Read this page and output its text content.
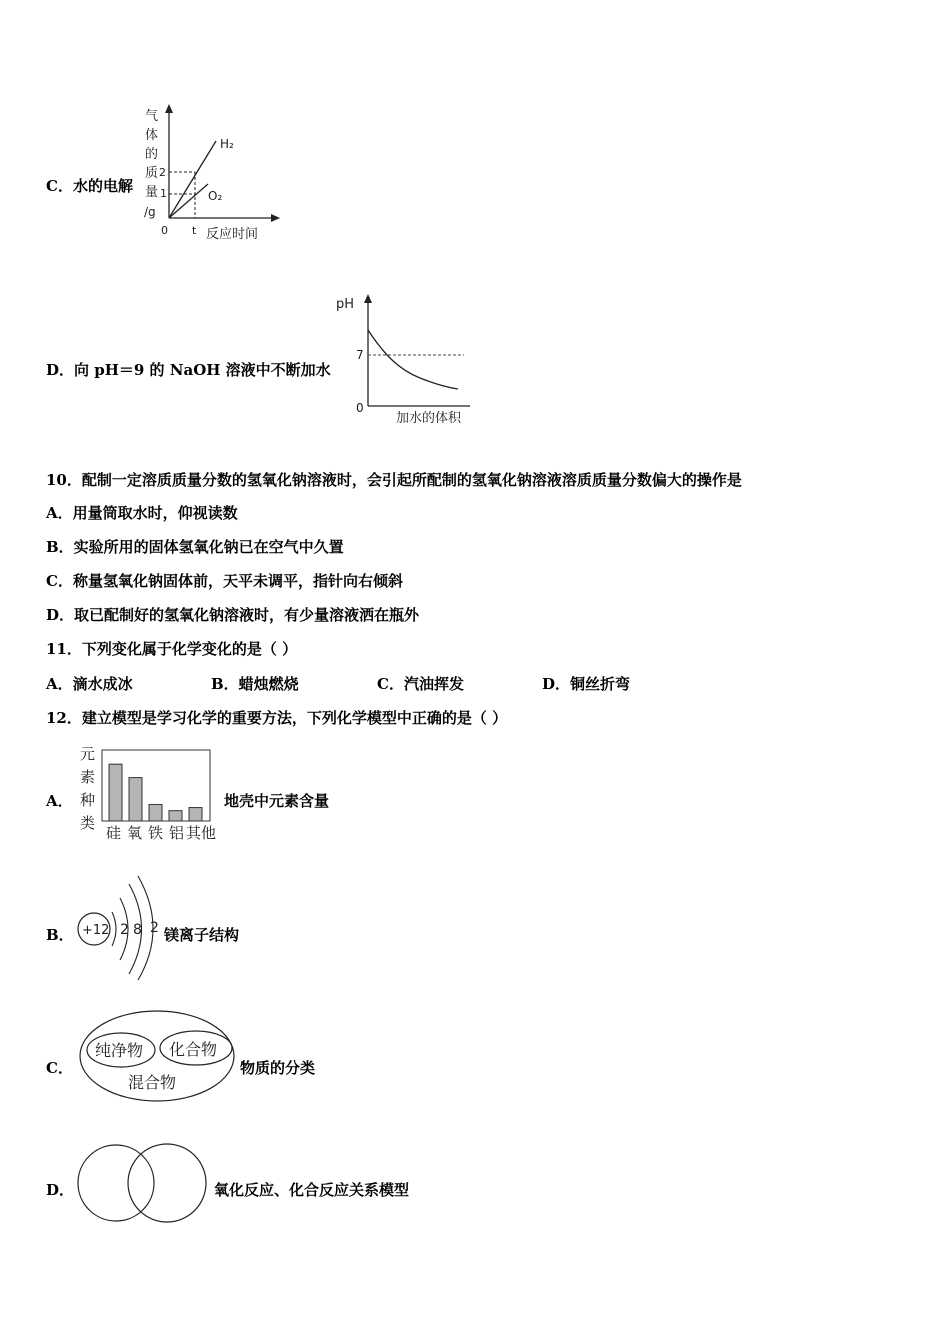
C．水的电解
气
体
的
质
量
/g
2
1
0 t 反应时间
H₂
O₂
D．向 pH＝9 的 NaOH 溶液中不断加水
pH
7
0
加水的体积
10．配制一定溶质质量分数的氢氧化钠溶液时，会引起所配制的氢氧化钠溶液溶质质量分数偏大的操作是
A．用量筒取水时，仰视读数
B．实验所用的固体氢氧化钠已在空气中久置
C．称量氢氧化钠固体前，天平未调平，指针向右倾斜
D．取已配制好的氢氧化钠溶液时，有少量溶液洒在瓶外
11．下列变化属于化学变化的是（ ）
A．滴水成冰	B．蜡烛燃烧	C．汽油挥发	D．铜丝折弯
12．建立模型是学习化学的重要方法，下列化学模型中正确的是（ ）
A．
元
素
种
类
硅 氧 铁 铝 其他
地壳中元素含量
B． +12 2 8 2 镁离子结构
C．
纯净物 化合物
混合物
物质的分类
D．	氧化反应、化合反应关系模型
